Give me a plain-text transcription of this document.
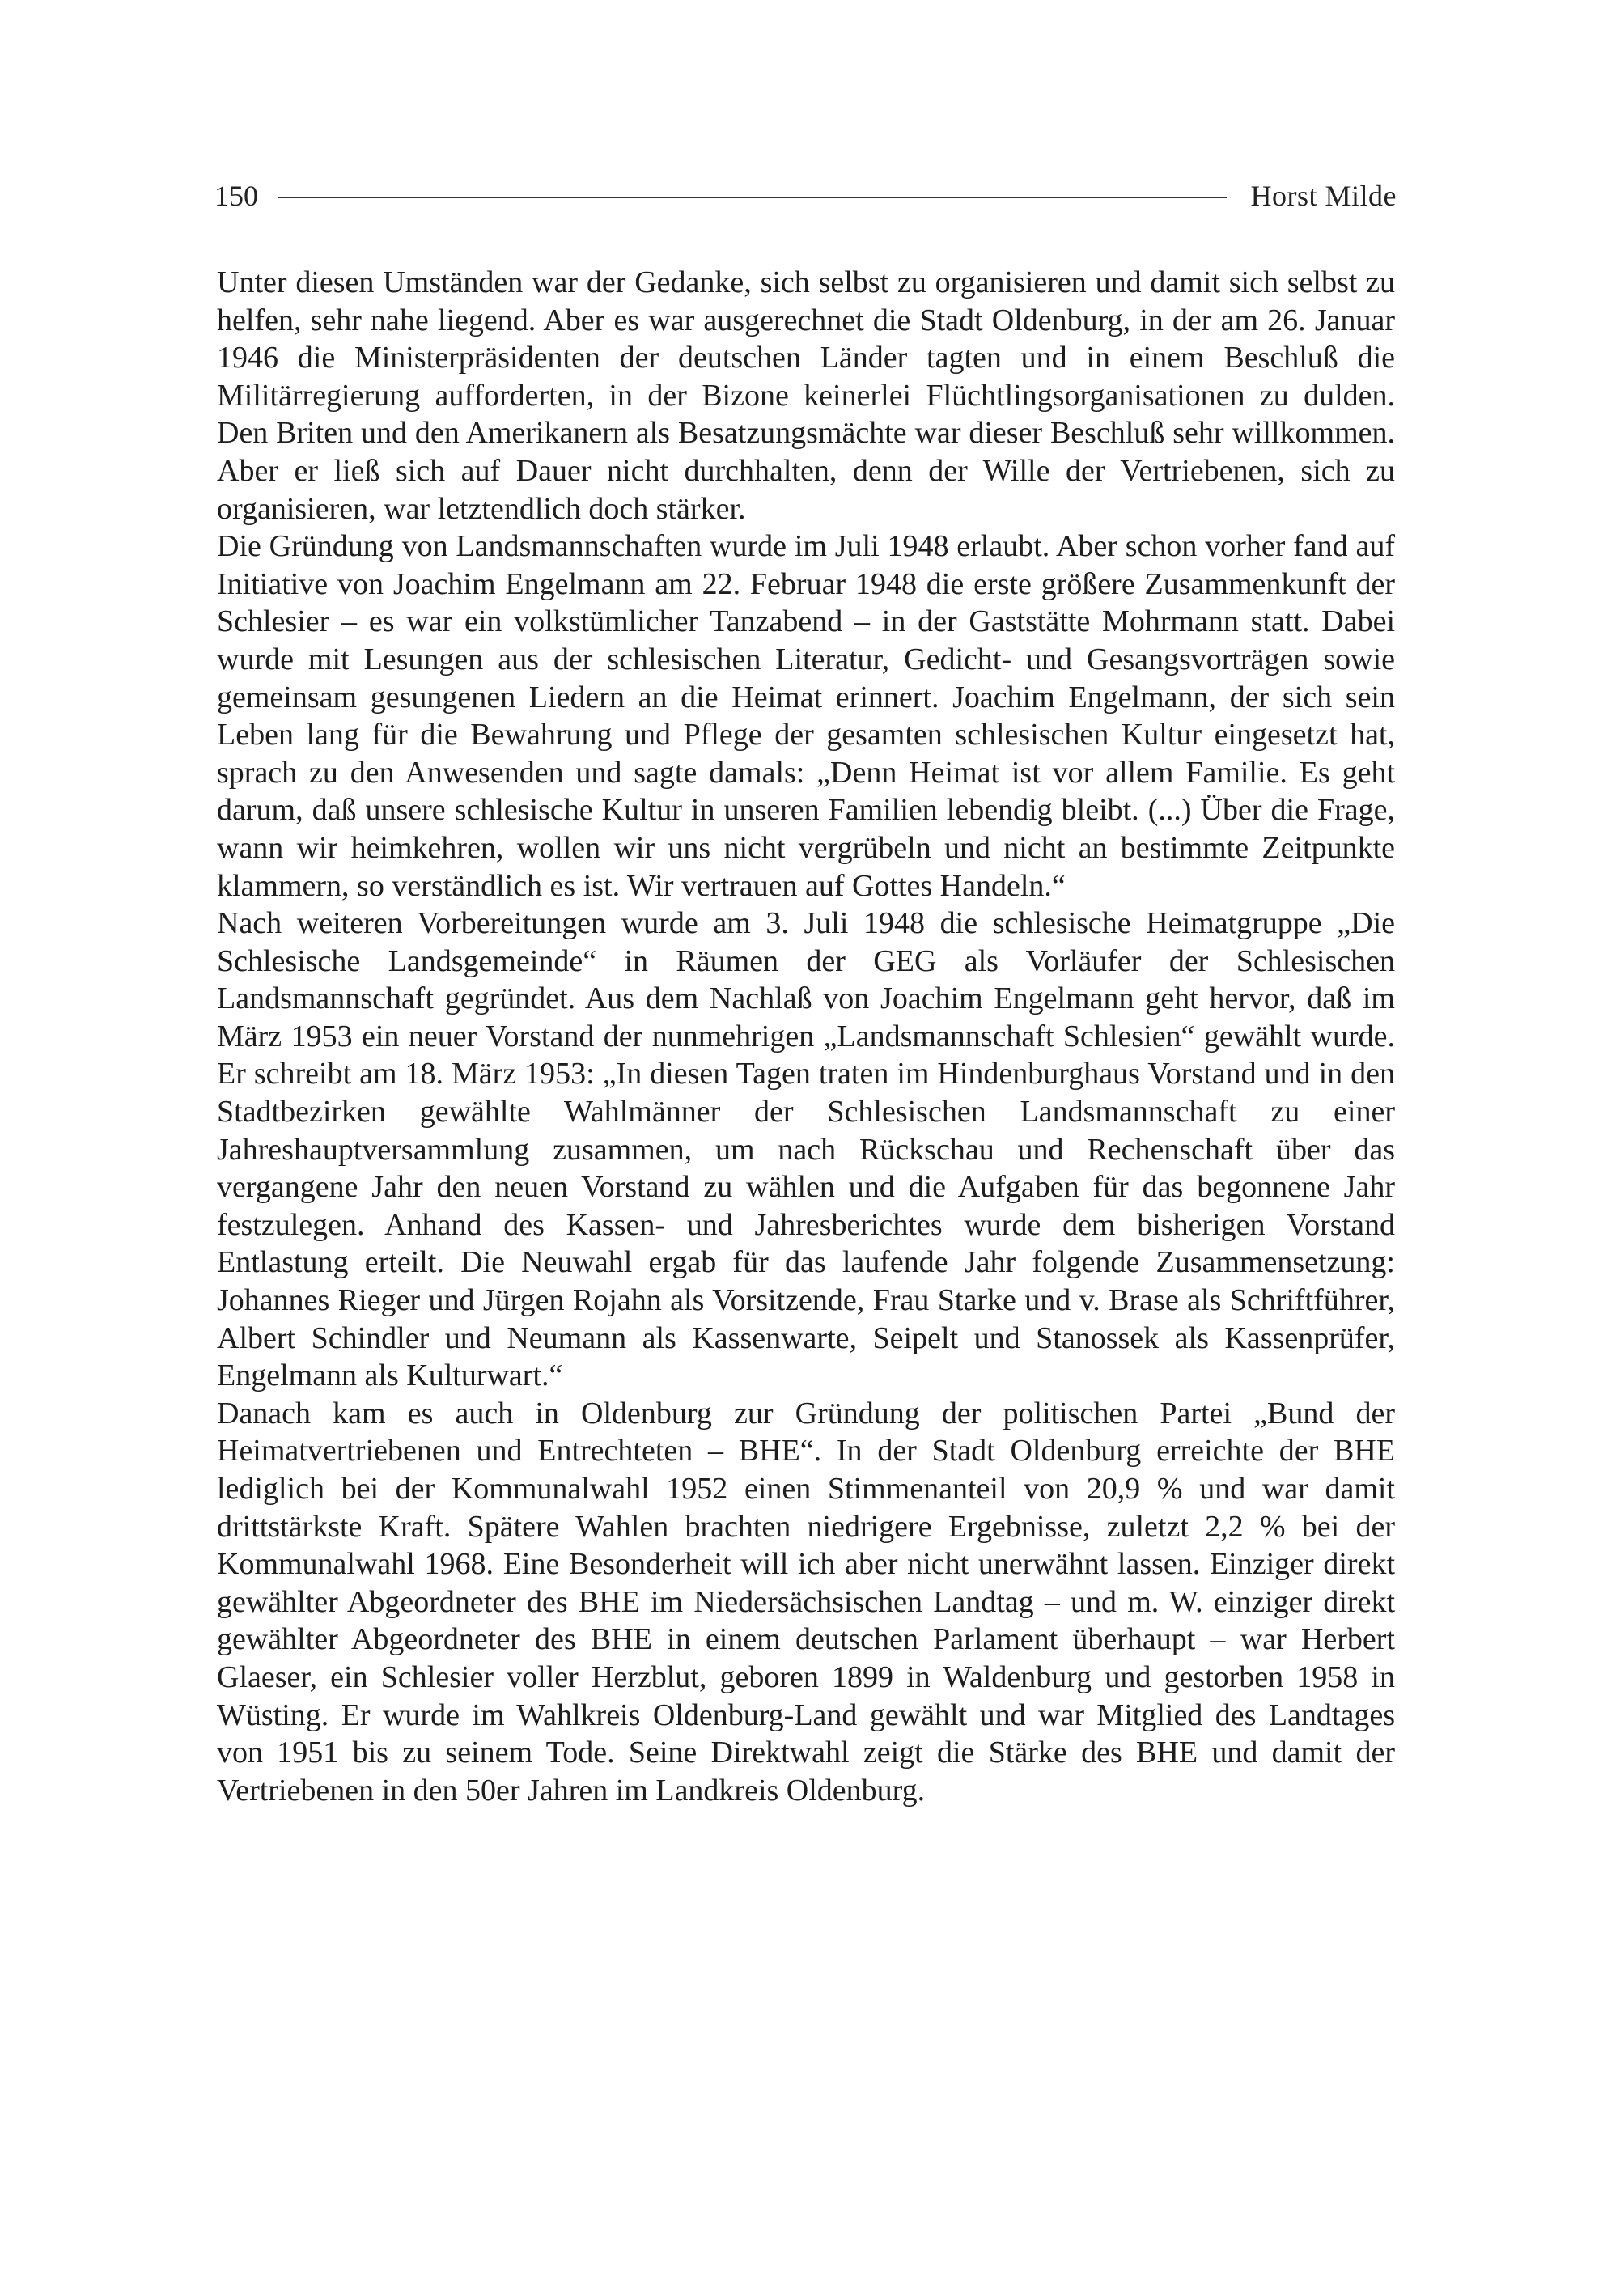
150	Horst Milde

Unter diesen Umständen war der Gedanke, sich selbst zu organisieren und damit sich selbst zu helfen, sehr nahe liegend. Aber es war ausgerechnet die Stadt Oldenburg, in der am 26. Januar 1946 die Ministerpräsidenten der deutschen Länder tagten und in einem Beschluß die Militärregierung aufforderten, in der Bizone keinerlei Flüchtlingsorganisationen zu dulden. Den Briten und den Amerikanern als Besatzungsmächte war dieser Beschluß sehr willkommen. Aber er ließ sich auf Dauer nicht durchhalten, denn der Wille der Vertriebenen, sich zu organisieren, war letztendlich doch stärker.

Die Gründung von Landsmannschaften wurde im Juli 1948 erlaubt. Aber schon vorher fand auf Initiative von Joachim Engelmann am 22. Februar 1948 die erste größere Zusammenkunft der Schlesier – es war ein volkstümlicher Tanzabend – in der Gaststätte Mohrmann statt. Dabei wurde mit Lesungen aus der schlesischen Literatur, Gedicht- und Gesangsvorträgen sowie gemeinsam gesungenen Liedern an die Heimat erinnert. Joachim Engelmann, der sich sein Leben lang für die Bewahrung und Pflege der gesamten schlesischen Kultur eingesetzt hat, sprach zu den Anwesenden und sagte damals: „Denn Heimat ist vor allem Familie. Es geht darum, daß unsere schlesische Kultur in unseren Familien lebendig bleibt. (...) Über die Frage, wann wir heimkehren, wollen wir uns nicht vergrübeln und nicht an bestimmte Zeitpunkte klammern, so verständlich es ist. Wir vertrauen auf Gottes Handeln.“

Nach weiteren Vorbereitungen wurde am 3. Juli 1948 die schlesische Heimatgruppe „Die Schlesische Landsgemeinde“ in Räumen der GEG als Vorläufer der Schlesischen Landsmannschaft gegründet. Aus dem Nachlaß von Joachim Engelmann geht hervor, daß im März 1953 ein neuer Vorstand der nunmehrigen „Landsmannschaft Schlesien“ gewählt wurde. Er schreibt am 18. März 1953: „In diesen Tagen traten im Hindenburghaus Vorstand und in den Stadtbezirken gewählte Wahlmänner der Schlesischen Landsmannschaft zu einer Jahreshauptversammlung zusammen, um nach Rückschau und Rechenschaft über das vergangene Jahr den neuen Vorstand zu wählen und die Aufgaben für das begonnene Jahr festzulegen. Anhand des Kassen- und Jahresberichtes wurde dem bisherigen Vorstand Entlastung erteilt. Die Neuwahl ergab für das laufende Jahr folgende Zusammensetzung: Johannes Rieger und Jürgen Rojahn als Vorsitzende, Frau Starke und v. Brase als Schriftführer, Albert Schindler und Neumann als Kassenwarte, Seipelt und Stanossek als Kassenprüfer, Engelmann als Kulturwart.“

Danach kam es auch in Oldenburg zur Gründung der politischen Partei „Bund der Heimatvertriebenen und Entrechteten – BHE“. In der Stadt Oldenburg erreichte der BHE lediglich bei der Kommunalwahl 1952 einen Stimmenanteil von 20,9 % und war damit drittstärkste Kraft. Spätere Wahlen brachten niedrigere Ergebnisse, zuletzt 2,2 % bei der Kommunalwahl 1968. Eine Besonderheit will ich aber nicht unerwähnt lassen. Einziger direkt gewählter Abgeordneter des BHE im Niedersächsischen Landtag – und m. W. einziger direkt gewählter Abgeordneter des BHE in einem deutschen Parlament überhaupt – war Herbert Glaeser, ein Schlesier voller Herzblut, geboren 1899 in Waldenburg und gestorben 1958 in Wüsting. Er wurde im Wahlkreis Oldenburg-Land gewählt und war Mitglied des Landtages von 1951 bis zu seinem Tode. Seine Direktwahl zeigt die Stärke des BHE und damit der Vertriebenen in den 50er Jahren im Landkreis Oldenburg.
